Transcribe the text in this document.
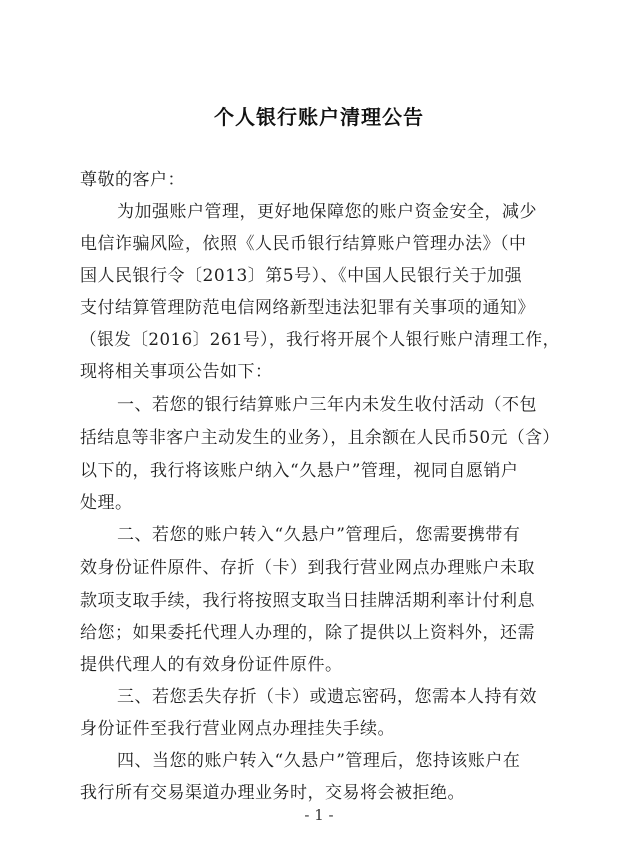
个人银行账户清理公告
尊敬的客户：
为加强账户管理，更好地保障您的账户资金安全，减少
电信诈骗风险，依照《人民币银行结算账户管理办法》（中
国人民银行令〔2013〕第5号）、《中国人民银行关于加强
支付结算管理防范电信网络新型违法犯罪有关事项的通知》
（银发〔2016〕261号），我行将开展个人银行账户清理工作，
现将相关事项公告如下：
一、若您的银行结算账户三年内未发生收付活动（不包
括结息等非客户主动发生的业务），且余额在人民币50元（含）
以下的，我行将该账户纳入“久悬户”管理，视同自愿销户
处理。
二、若您的账户转入“久悬户”管理后，您需要携带有
效身份证件原件、存折（卡）到我行营业网点办理账户未取
款项支取手续，我行将按照支取当日挂牌活期利率计付利息
给您；如果委托代理人办理的，除了提供以上资料外，还需
提供代理人的有效身份证件原件。
三、若您丢失存折（卡）或遗忘密码，您需本人持有效
身份证件至我行营业网点办理挂失手续。
四、当您的账户转入“久悬户”管理后，您持该账户在
我行所有交易渠道办理业务时，交易将会被拒绝。
- 1 -
